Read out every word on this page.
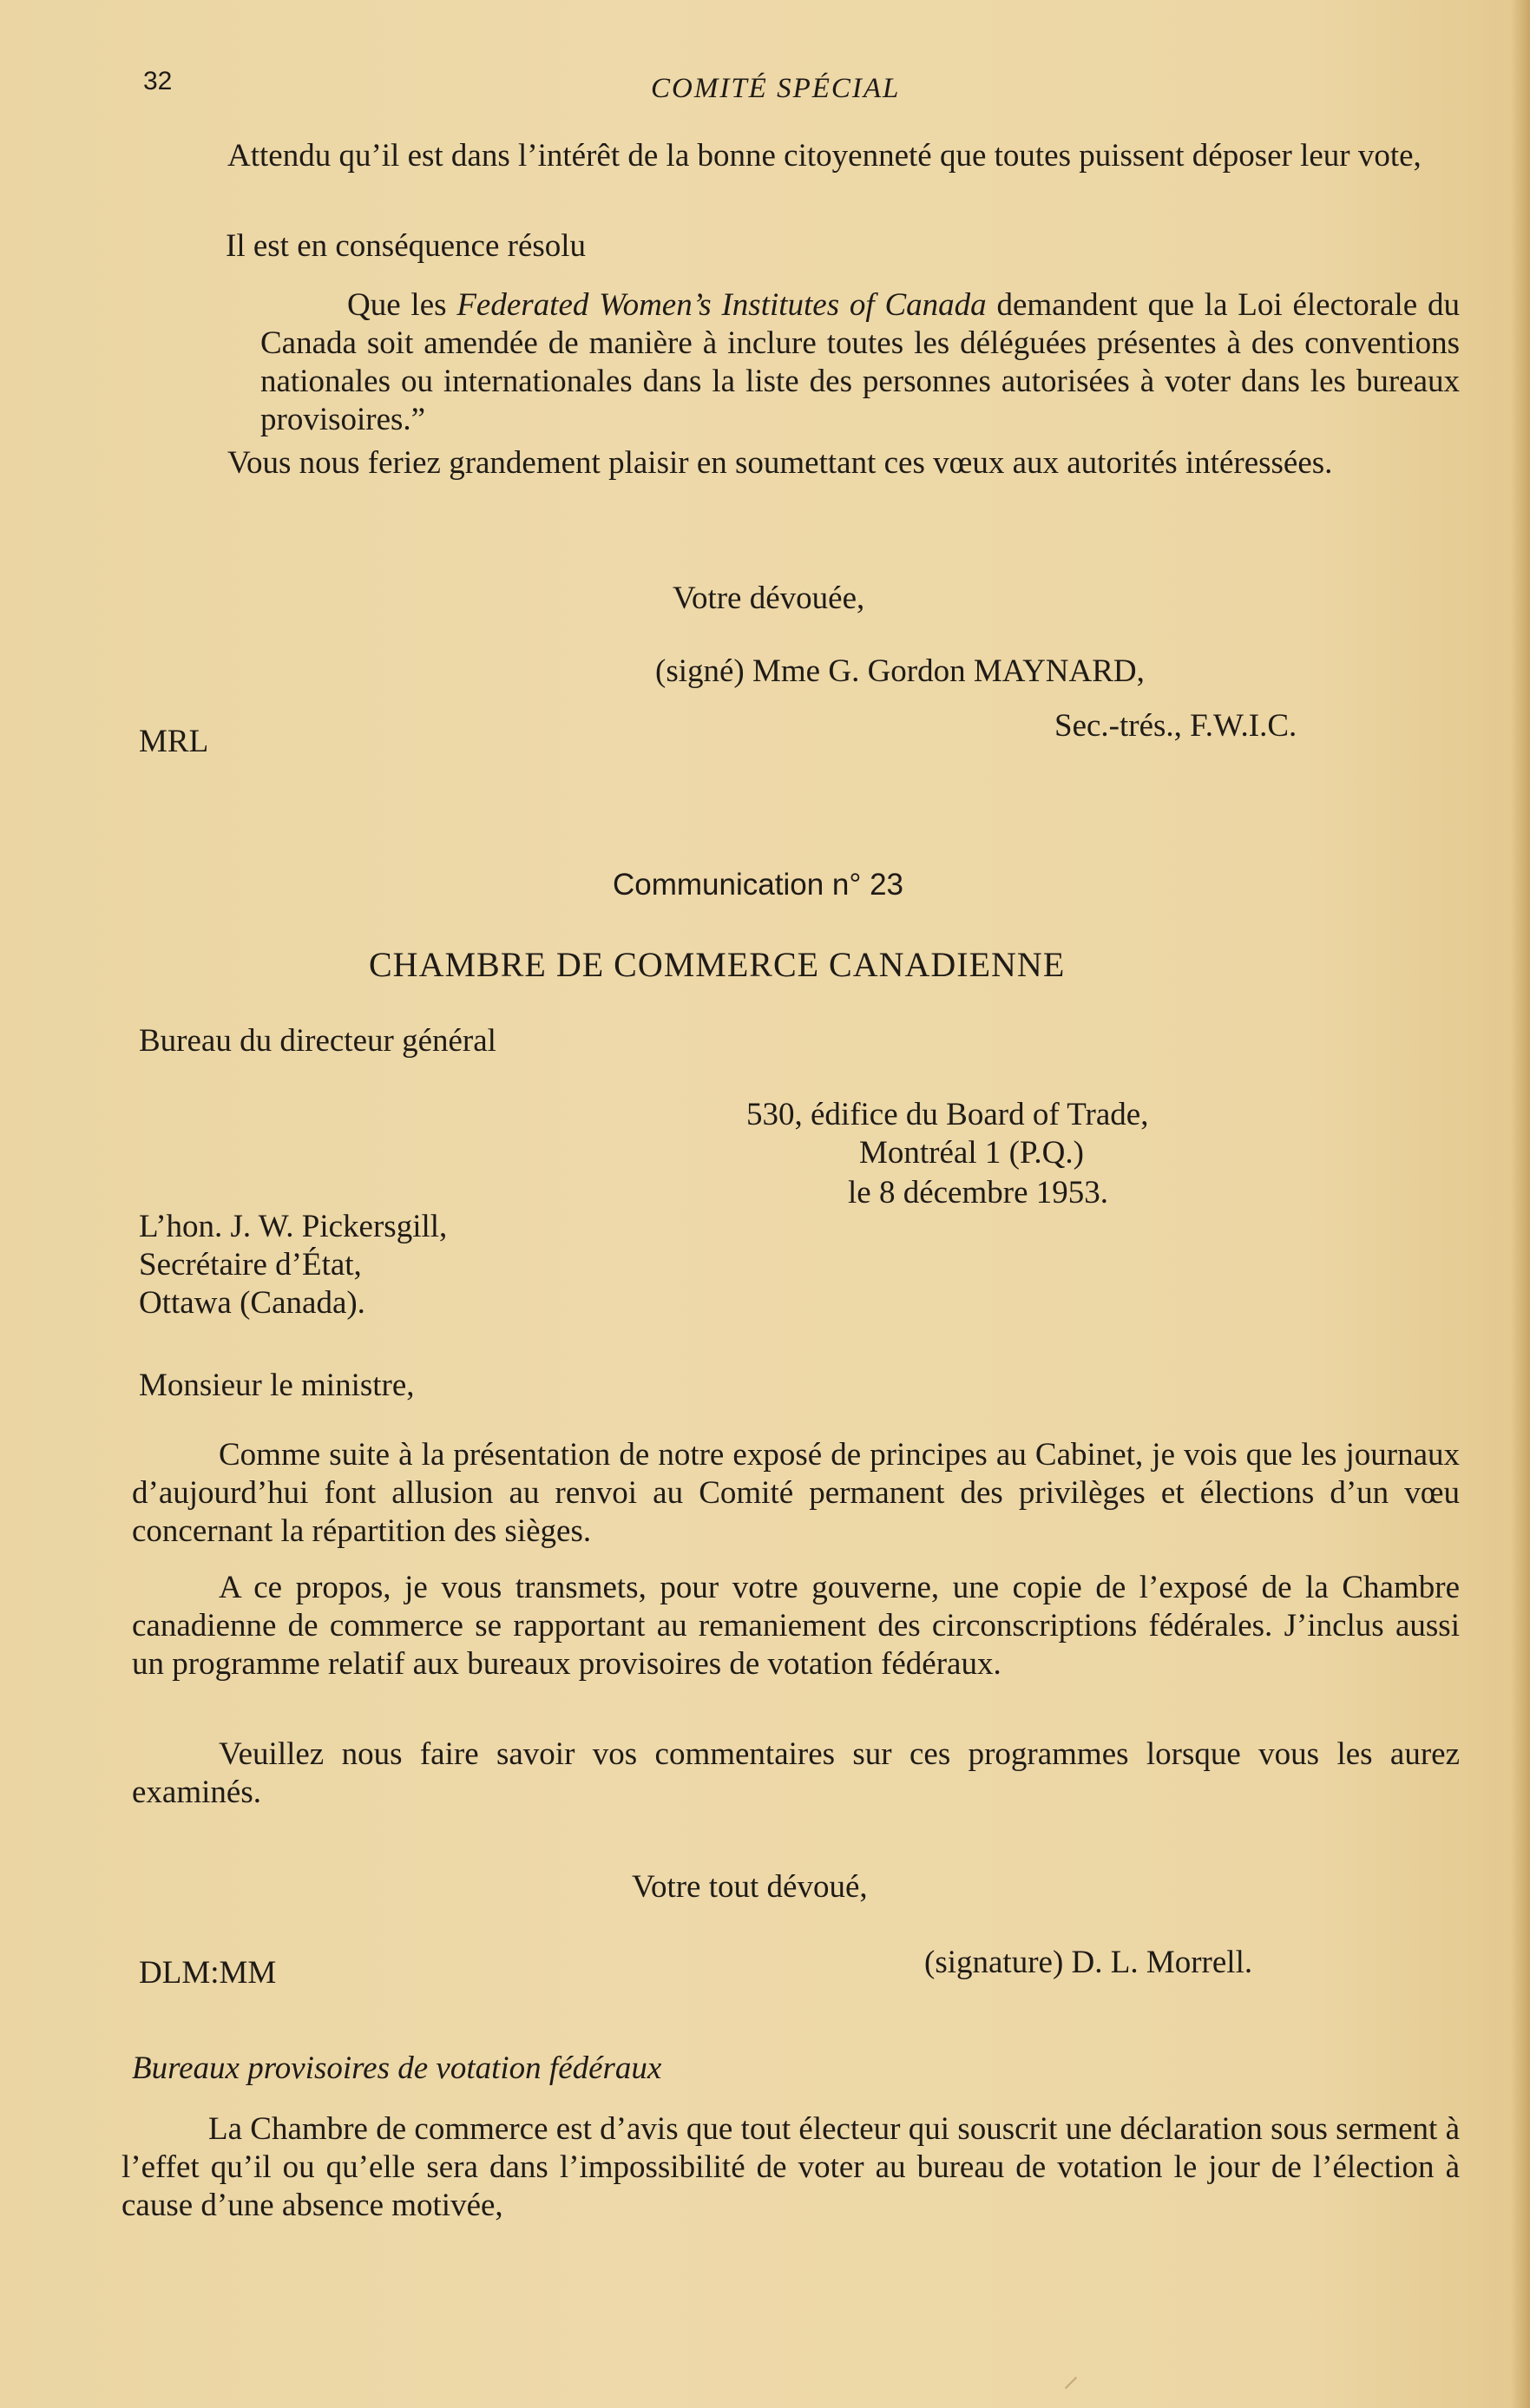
32	COMITÉ SPÉCIAL
Attendu qu’il est dans l’intérêt de la bonne citoyenneté que toutes puissent déposer leur vote,
Il est en conséquence résolu
Que les Federated Women’s Institutes of Canada demandent que la Loi électorale du Canada soit amendée de manière à inclure toutes les déléguées présentes à des conventions nationales ou internationales dans la liste des personnes autorisées à voter dans les bureaux provisoires.”
Vous nous feriez grandement plaisir en soumettant ces vœux aux autorités intéressées.
Votre dévouée,
(signé) Mme G. Gordon MAYNARD,
Sec.-trés., F.W.I.C.
MRL
Communication n° 23
CHAMBRE DE COMMERCE CANADIENNE
Bureau du directeur général
530, édifice du Board of Trade,
Montréal 1 (P.Q.)
le 8 décembre 1953.
L’hon. J. W. Pickersgill,
Secrétaire d’État,
Ottawa (Canada).
Monsieur le ministre,
Comme suite à la présentation de notre exposé de principes au Cabinet, je vois que les journaux d’aujourd’hui font allusion au renvoi au Comité permanent des privilèges et élections d’un vœu concernant la répartition des sièges.
A ce propos, je vous transmets, pour votre gouverne, une copie de l’exposé de la Chambre canadienne de commerce se rapportant au remaniement des circonscriptions fédérales. J’inclus aussi un programme relatif aux bureaux provisoires de votation fédéraux.
Veuillez nous faire savoir vos commentaires sur ces programmes lorsque vous les aurez examinés.
Votre tout dévoué,
DLM:MM	(signature) D. L. Morrell.
Bureaux provisoires de votation fédéraux
La Chambre de commerce est d’avis que tout électeur qui souscrit une déclaration sous serment à l’effet qu’il ou qu’elle sera dans l’impossibilité de voter au bureau de votation le jour de l’élection à cause d’une absence motivée,
